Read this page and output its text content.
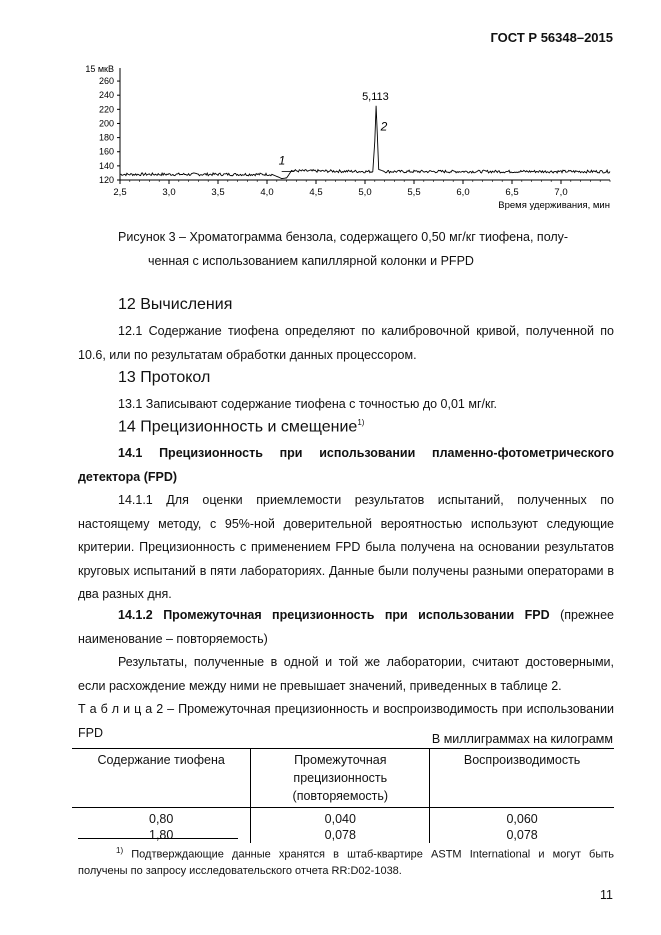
ГОСТ Р 56348–2015
15 мкВ
120
140
160
180
200
220
240
260
2,5	3,0	3,5	4,0	4,5	5,0	5,5	6,0	6,5	7,0
Время удерживания, мин
5,113
1
2
Рисунок 3 – Хроматограмма бензола, содержащего 0,50 мг/кг тиофена, полу-
ченная с использованием капиллярной колонки и PFPD
12 Вычисления

12.1 Содержание тиофена определяют по калибровочной кривой, полученной по 10.6, или по результатам обработки данных процессором.

13 Протокол

13.1 Записывают содержание тиофена с точностью до 0,01 мг/кг.

14 Прецизионность и смещение$^{1)}$

14.1 Прецизионность при использовании пламенно-фотометрического детектора (FPD)

14.1.1 Для оценки приемлемости результатов испытаний, полученных по настоящему методу, с 95%-ной доверительной вероятностью используют следующие критерии. Прецизионность с применением FPD была получена на основании результатов круговых испытаний в пяти лабораториях. Данные были получены разными операторами в два разных дня.

14.1.2 Промежуточная прецизионность при использовании FPD (прежнее наименование – повторяемость)

Результаты, полученные в одной и той же лаборатории, считают достоверными, если расхождение между ними не превышает значений, приведенных в таблице 2.

Т а б л и ц а 2 – Промежуточная прецизионность и воспроизводимость при использовании FPD	В миллиграммах на килограмм
Содержание тиофена	Промежуточная прецизионность (повторяемость)	Воспроизводимость
0,80	0,040	0,060
1,80	0,078	0,078
$^{1)}$ Подтверждающие данные хранятся в штаб-квартире ASTM International и могут быть получены по запросу исследовательского отчета RR:D02-1038.
11
